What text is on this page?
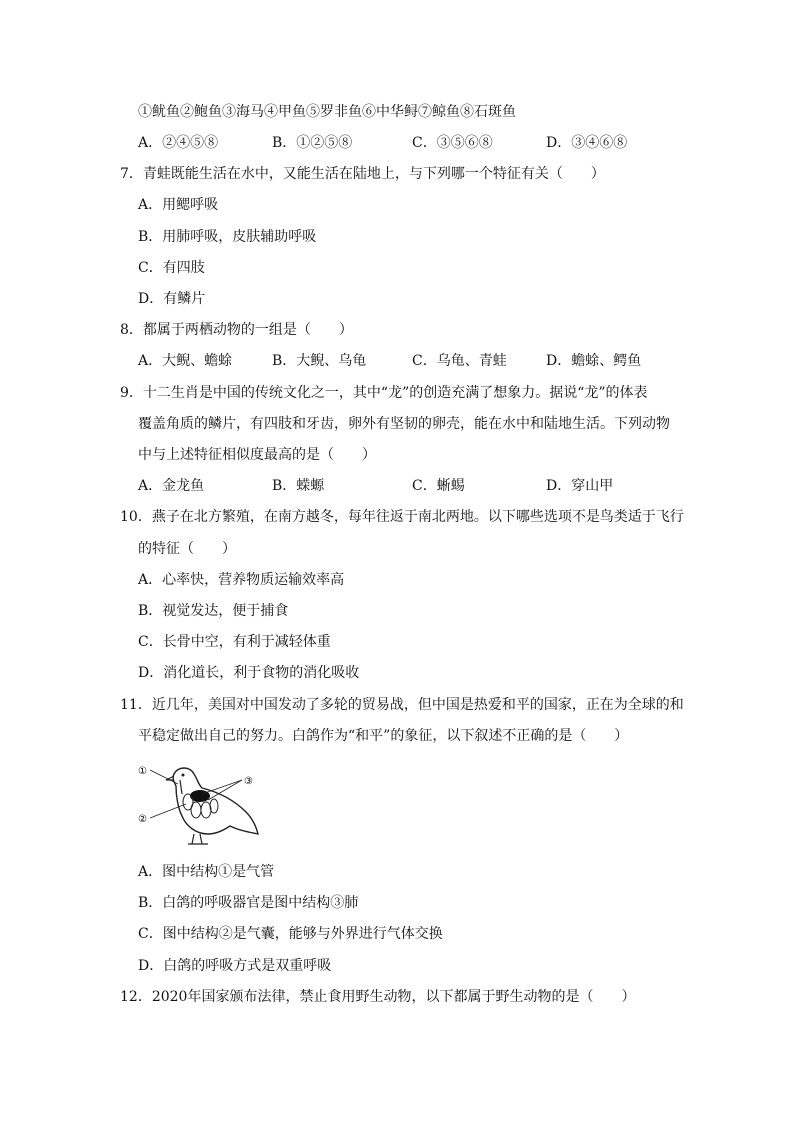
①鱿鱼②鲍鱼③海马④甲鱼⑤罗非鱼⑥中华鲟⑦鲸鱼⑧石斑鱼
A．②④⑤⑧	B．①②⑤⑧	C．③⑤⑥⑧	D．③④⑥⑧
7．青蛙既能生活在水中，又能生活在陆地上，与下列哪一个特征有关（　　）
A．用鳃呼吸
B．用肺呼吸，皮肤辅助呼吸
C．有四肢
D．有鳞片
8．都属于两栖动物的一组是（　　）
A．大鲵、蟾蜍	B．大鲵、乌龟	C．乌龟、青蛙	D．蟾蜍、鳄鱼
9．十二生肖是中国的传统文化之一，其中“龙”的创造充满了想象力。据说“龙”的体表
覆盖角质的鳞片，有四肢和牙齿，卵外有坚韧的卵壳，能在水中和陆地生活。下列动物
中与上述特征相似度最高的是（　　）
A．金龙鱼	B．蝾螈	C．蜥蜴	D．穿山甲
10．燕子在北方繁殖，在南方越冬，每年往返于南北两地。以下哪些选项不是鸟类适于飞行
的特征（　　）
A．心率快，营养物质运输效率高
B．视觉发达，便于捕食
C．长骨中空，有利于减轻体重
D．消化道长，利于食物的消化吸收
11．近几年，美国对中国发动了多轮的贸易战，但中国是热爱和平的国家，正在为全球的和
平稳定做出自己的努力。白鸽作为“和平”的象征，以下叙述不正确的是（　　）
①
②
③
A．图中结构①是气管
B．白鸽的呼吸器官是图中结构③肺
C．图中结构②是气囊，能够与外界进行气体交换
D．白鸽的呼吸方式是双重呼吸
12．2020年国家颁布法律，禁止食用野生动物，以下都属于野生动物的是（　　）
